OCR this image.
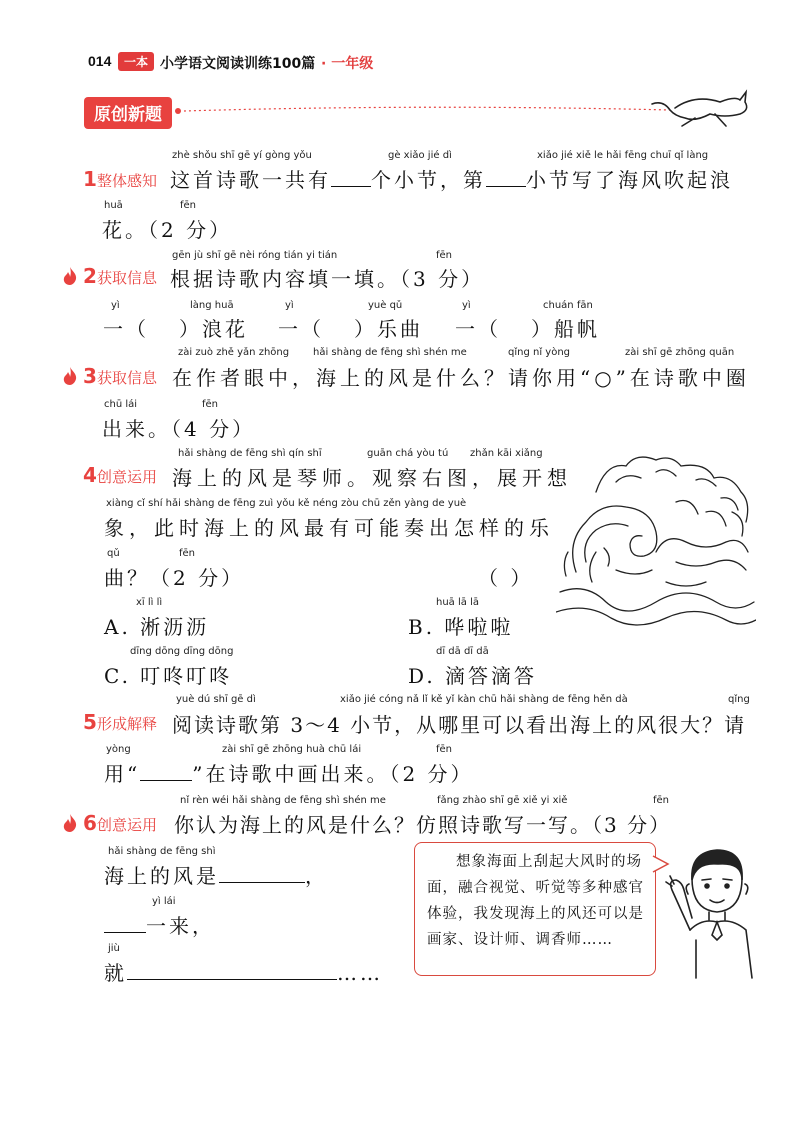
014	一本 小学语文阅读训练100篇 · 一年级
原创新题
zhè shǒu shī gē yí gòng yǒu	gè xiǎo jié dì	xiǎo jié xiě le hǎi fēng chuī qǐ làng
1 整体感知 这首诗歌一共有 个小节，第 小节写了海风吹起浪
huā	fēn
花。（2 分）
gēn jù shī gē nèi róng tián yi tián	fēn
2 获取信息 根据诗歌内容填一填。（3 分）
yì	làng huā
一（ ）浪花
yì	yuè qǔ
一（ ）乐曲
yì	chuán fān
一（ ）船帆
zài zuò zhě yǎn zhōng hǎi shàng de fēng shì shén me	qǐng nǐ yòng	zài shī gē zhōng quān
3 获取信息 在作者眼中，海上的风是什么？请你用“○”在诗歌中圈
chū lái	fēn
出来。（4 分）
hǎi shàng de fēng shì qín shī	guān chá yòu tú zhǎn kāi xiǎng
4 创意运用 海上的风是琴师。观察右图，展开想
xiàng cǐ shí hǎi shàng de fēng zuì yǒu kě néng zòu chū zěn yàng de yuè
象，此时海上的风最有可能奏出怎样的乐
qǔ	fēn
曲？（2 分）	（ ）
xī lì lì
A. 淅沥沥
huā lā lā
B. 哗啦啦
dīng dōng dīng dōng
C. 叮咚叮咚
dī dā dī dā
D. 滴答滴答
yuè dú shī gē dì	xiǎo jié cóng nǎ lǐ kě yǐ kàn chū hǎi shàng de fēng hěn dà	qǐng
5 形成解释 阅读诗歌第 3～4 小节，从哪里可以看出海上的风很大？请
yòng	zài shī gē zhōng huà chū lái	fēn
用“	”在诗歌中画出来。（2 分）
nǐ rèn wéi hǎi shàng de fēng shì shén me	fǎng zhào shī gē xiě yi xiě	fēn
6 创意运用 你认为海上的风是什么？仿照诗歌写一写。（3 分）
hǎi shàng de fēng shì
海上的风是	，
yì lái
一来，
jiù
就	……
想象海面上刮起大风时的场面，融合视觉、听觉等多种感官体验，我发现海上的风还可以是画家、设计师、调香师……
